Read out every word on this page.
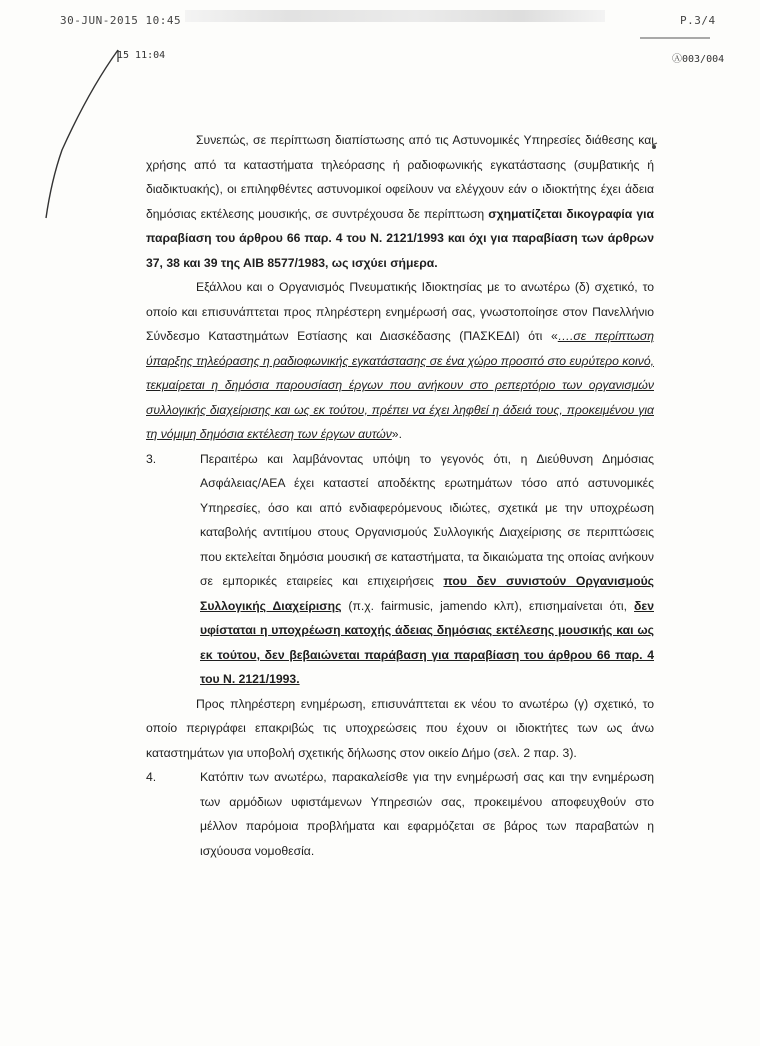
30-JUN-2015 10:45	P.3/4
15 11:04	Ⓐ003/004

Συνεπώς, σε περίπτωση διαπίστωσης από τις Αστυνομικές Υπηρεσίες διάθεσης και χρήσης από τα καταστήματα τηλεόρασης ή ραδιοφωνικής εγκατάστασης (συμβατικής ή διαδικτυακής), οι επιληφθέντες αστυνομικοί οφείλουν να ελέγχουν εάν ο ιδιοκτήτης έχει άδεια δημόσιας εκτέλεσης μουσικής, σε συντρέχουσα δε περίπτωση σχηματίζεται δικογραφία για παραβίαση του άρθρου 66 παρ. 4 του Ν. 2121/1993 και όχι για παραβίαση των άρθρων 37, 38 και 39 της ΑΙΒ 8577/1983, ως ισχύει σήμερα.

Εξάλλου και ο Οργανισμός Πνευματικής Ιδιοκτησίας με το ανωτέρω (δ) σχετικό, το οποίο και επισυνάπτεται προς πληρέστερη ενημέρωσή σας, γνωστοποίησε στον Πανελλήνιο Σύνδεσμο Καταστημάτων Εστίασης και Διασκέδασης (ΠΑΣΚΕΔΙ) ότι «….σε περίπτωση ύπαρξης τηλεόρασης η ραδιοφωνικής εγκατάστασης σε ένα χώρο προσιτό στο ευρύτερο κοινό, τεκμαίρεται η δημόσια παρουσίαση έργων που ανήκουν στο ρεπερτόριο των οργανισμών συλλογικής διαχείρισης και ως εκ τούτου, πρέπει να έχει ληφθεί η άδειά τους, προκειμένου για τη νόμιμη δημόσια εκτέλεση των έργων αυτών».

3.	Περαιτέρω και λαμβάνοντας υπόψη το γεγονός ότι, η Διεύθυνση Δημόσιας Ασφάλειας/ΑΕΑ έχει καταστεί αποδέκτης ερωτημάτων τόσο από αστυνομικές Υπηρεσίες, όσο και από ενδιαφερόμενους ιδιώτες, σχετικά με την υποχρέωση καταβολής αντιτίμου στους Οργανισμούς Συλλογικής Διαχείρισης σε περιπτώσεις που εκτελείται δημόσια μουσική σε καταστήματα, τα δικαιώματα της οποίας ανήκουν σε εμπορικές εταιρείες και επιχειρήσεις που δεν συνιστούν Οργανισμούς Συλλογικής Διαχείρισης (π.χ. fairmusic, jamendo κλπ), επισημαίνεται ότι, δεν υφίσταται η υποχρέωση κατοχής άδειας δημόσιας εκτέλεσης μουσικής και ως εκ τούτου, δεν βεβαιώνεται παράβαση για παραβίαση του άρθρου 66 παρ. 4 του Ν. 2121/1993.

Προς πληρέστερη ενημέρωση, επισυνάπτεται εκ νέου το ανωτέρω (γ) σχετικό, το οποίο περιγράφει επακριβώς τις υποχρεώσεις που έχουν οι ιδιοκτήτες των ως άνω καταστημάτων για υποβολή σχετικής δήλωσης στον οικείο Δήμο (σελ. 2 παρ. 3).

4.	Κατόπιν των ανωτέρω, παρακαλείσθε για την ενημέρωσή σας και την ενημέρωση των αρμόδιων υφιστάμενων Υπηρεσιών σας, προκειμένου αποφευχθούν στο μέλλον παρόμοια προβλήματα και εφαρμόζεται σε βάρος των παραβατών η ισχύουσα νομοθεσία.
